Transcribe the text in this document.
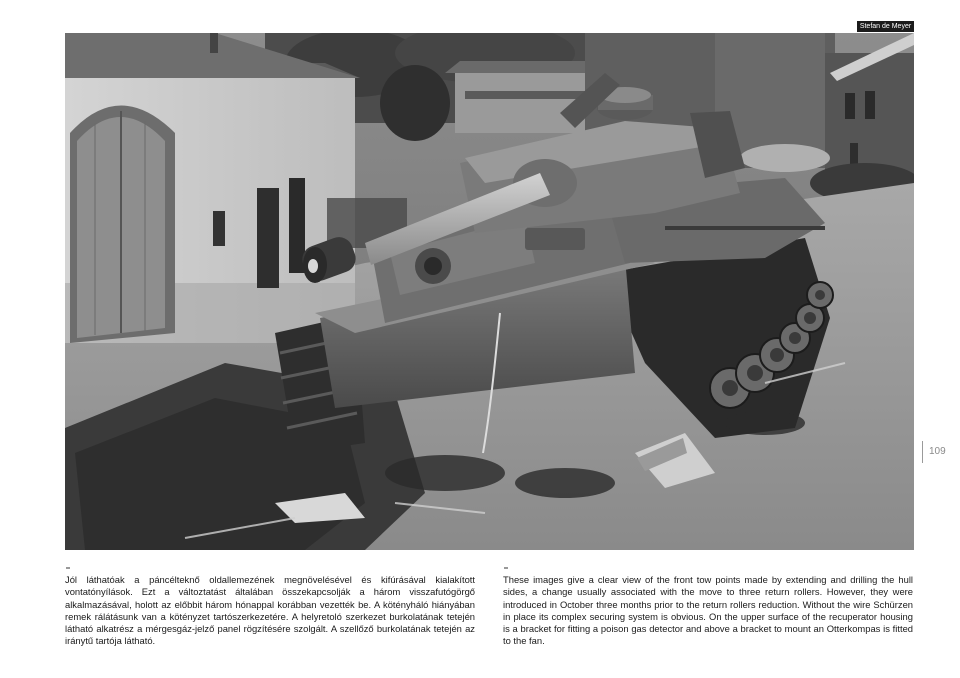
Stefan de Meyer
109
Jól láthatóak a páncélteknő oldallemezének megnövelésével és kifúrásával kialakított vontatónyílások. Ezt a változtatást általában összekapcsolják a három visszafutógörgő alkalmazásával, holott az előbbit három hónappal korábban vezették be. A kötényháló hiányában remek rálátásunk van a kötényzet tartószerkezetére. A helyretoló szerkezet burkolatának tetején látható alkatrész a mérgesgáz-jelző panel rögzítésére szolgált. A szellőző burkolatának tetején az iránytű tartója látható.
These images give a clear view of the front tow points made by extending and drilling the hull sides, a change usually associated with the move to three return rollers. However, they were introduced in October three months prior to the return rollers reduction. Without the wire Schürzen in place its complex securing system is obvious. On the upper surface of the recuperator housing is a bracket for fitting a poison gas detector and above a bracket to mount an Otterkompas is fitted to the fan.
